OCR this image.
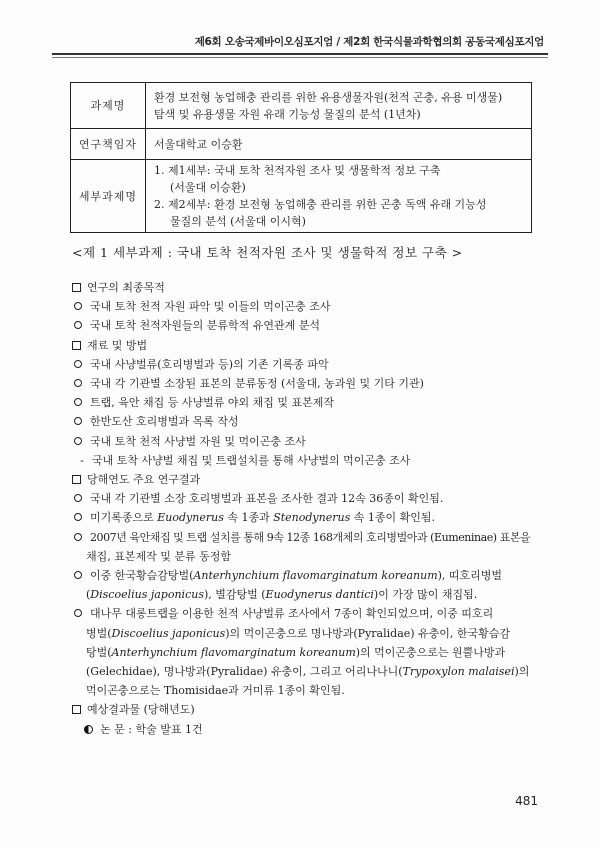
제6회 오송국제바이오심포지엄 / 제2회 한국식물과학협의회 공동국제심포지엄
과제명	환경 보전형 농업해충 관리를 위한 유용생물자원(천적 곤충, 유용 미생물)
탐색 및 유용생물 자원 유래 기능성 물질의 분석 (1년차)

연구책임자	서울대학교 이승환
세부과제명	1. 제1세부: 국내 토착 천적자원 조사 및 생물학적 정보 구축
(서울대 이승환)
2. 제2세부: 환경 보전형 농업해충 관리를 위한 곤충 독액 유래 기능성
물질의 분석 (서울대 이시혁)
<제 1 세부과제 : 국내 토착 천적자원 조사 및 생물학적 정보 구축 >
연구의 최종목적
국내 토착 천적 자원 파악 및 이들의 먹이곤충 조사
국내 토착 천적자원들의 분류학적 유연관계 분석
재료 및 방법
국내 사냥벌류(호리병벌과 등)의 기존 기록종 파악
국내 각 기관별 소장된 표본의 분류동정 (서울대, 농과원 및 기타 기관)
트랩, 육안 채집 등 사냥벌류 야외 채집 및 표본제작
한반도산 호리병벌과 목록 작성
국내 토착 천적 사냥벌 자원 및 먹이곤충 조사
- 국내 토착 사냥벌 채집 및 트랩설치를 통해 사냥벌의 먹이곤충 조사
당해연도 주요 연구결과
국내 각 기관별 소장 호리병벌과 표본을 조사한 결과 12속 36종이 확인됨.
미기록종으로 Euodynerus 속 1종과 Stenodynerus 속 1종이 확인됨.
2007년 육안채집 및 트랩 설치를 통해 9속 12종 168개체의 호리병벌아과 (Eumeninae) 표본을
채집, 표본제작 및 분류 동정함
이중 한국황슴감탕벌(Anterhynchium flavomarginatum koreanum), 띠호리병벌
(Discoelius japonicus), 별감탕벌 (Euodynerus dantici)이 가장 많이 채집됨.
대나무 대롱트랩을 이용한 천적 사냥벌류 조사에서 7종이 확인되었으며, 이중 띠호리
병벌(Discoelius japonicus)의 먹이곤충으로 명나방과(Pyralidae) 유충이, 한국황슴감
탕벌(Anterhynchium flavomarginatum koreanum)의 먹이곤충으로는 원뿔나방과
(Gelechidae), 명나방과(Pyralidae) 유충이, 그리고 어리나나니(Trypoxylon malaisei)의
먹이곤충으로는 Thomisidae과 거미류 1종이 확인됨.
예상결과물 (당해년도)
논 문 : 학술 발표 1건
481
